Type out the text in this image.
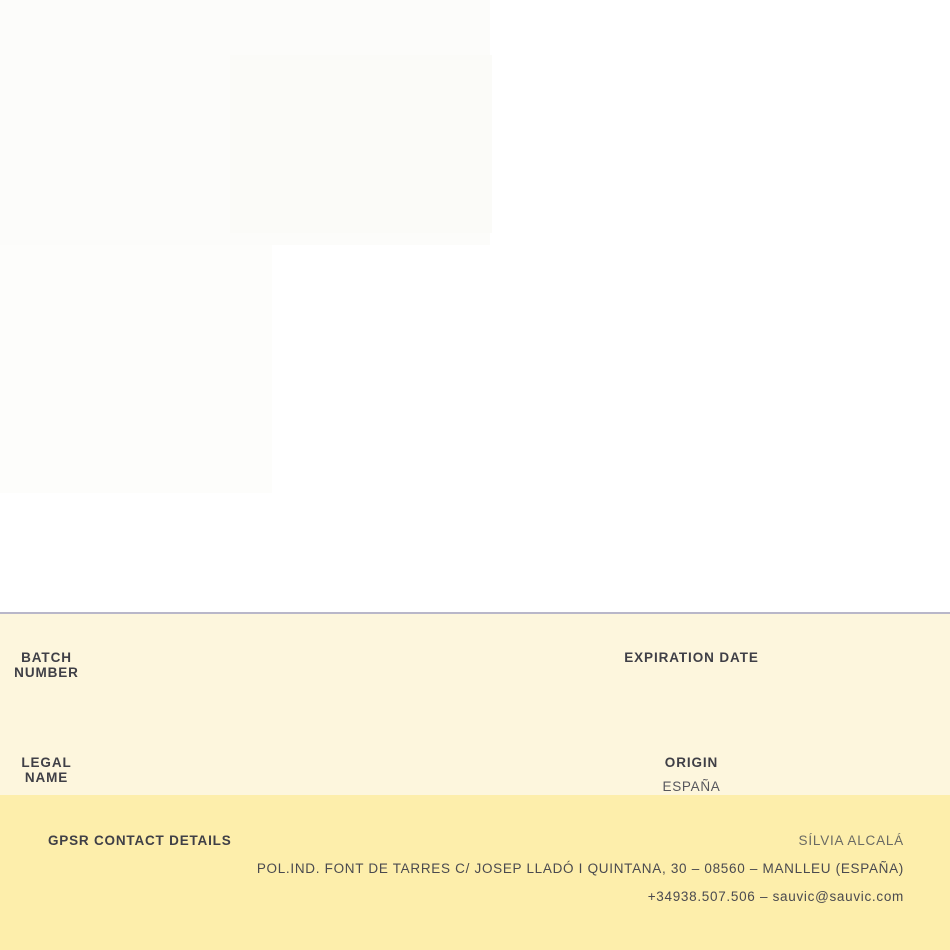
BATCH NUMBER
EXPIRATION DATE
LEGAL NAME
ORIGIN
ESPAÑA
GPSR CONTACT DETAILS	SÍLVIA ALCALÁ
POL.IND. FONT DE TARRES C/ JOSEP LLADÓ I QUINTANA, 30 – 08560 – MANLLEU (ESPAÑA)
+34938.507.506 – sauvic@sauvic.com
